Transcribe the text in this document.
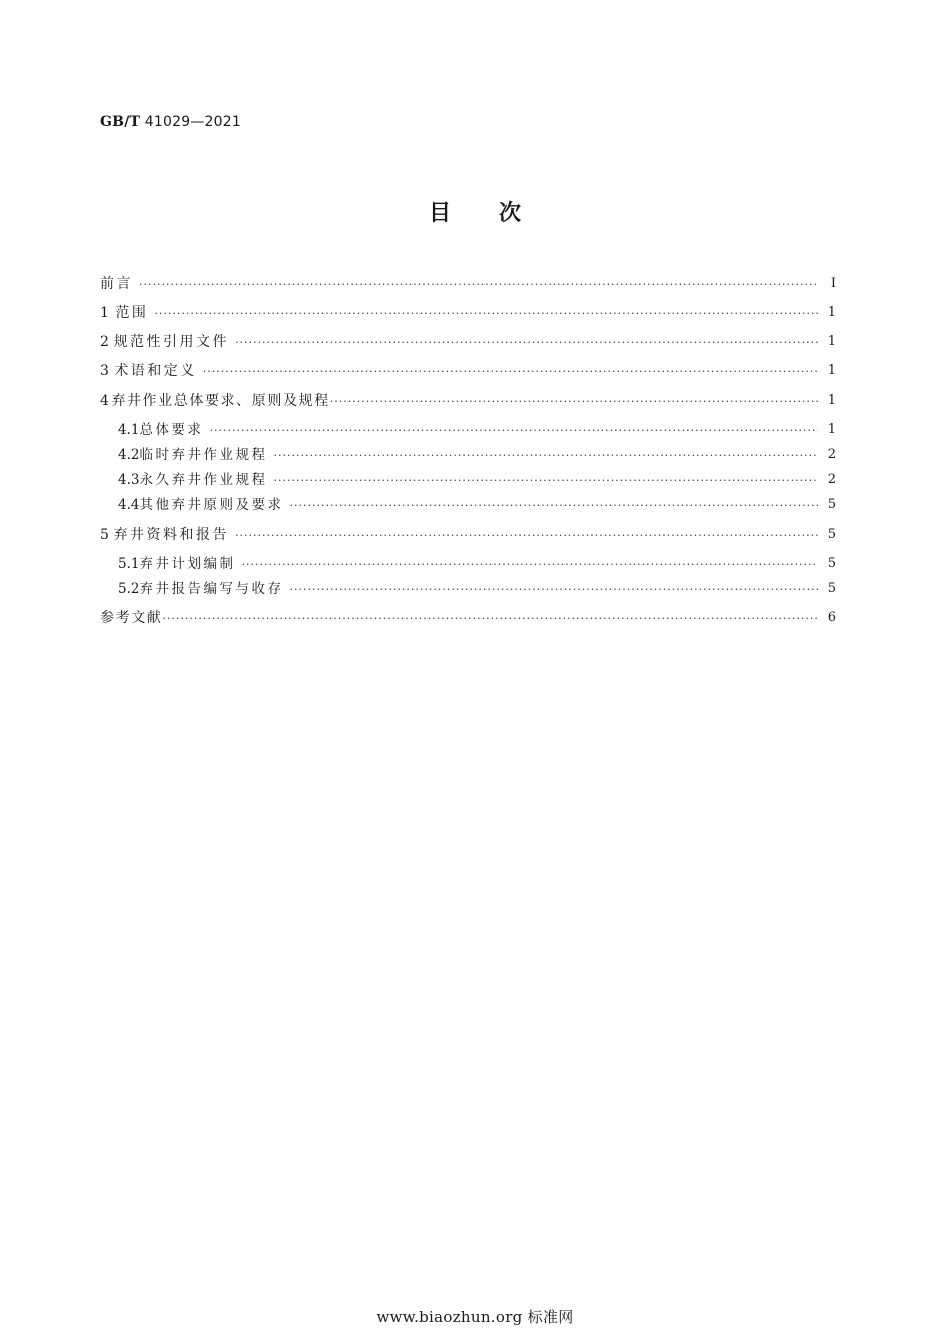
GB/T 41029—2021
目次
前言 ·····	Ⅰ
1 范围 ·····	1
2 规范性引用文件 ·····	1
3 术语和定义 ·····	1
4 弃井作业总体要求、原则及规程 ·····	1
4.1 总体要求 ·····	1
4.2 临时弃井作业规程 ·····	2
4.3 永久弃井作业规程 ·····	2
4.4 其他弃井原则及要求 ·····	5
5 弃井资料和报告 ·····	5
5.1 弃井计划编制 ·····	5
5.2 弃井报告编写与收存 ·····	5
参考文献 ·····	6
www.biaozhun.org 标准网
